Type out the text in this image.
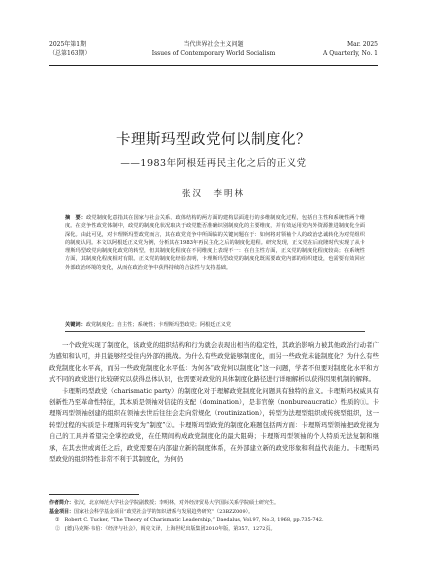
2025年第1期
（总第163期）
当代世界社会主义问题
Issues of Contemporary World Socialism
Mar. 2025
A Quarterly, No. 1
卡理斯玛型政党何以制度化？
——1983年阿根廷再民主化之后的正义党
张汉　李明林
摘　要：政党制度化意指其在国家与社会关系、政体结构的两方面的建构层面进行的多维制度化过程，包括自主性和系统性两个维度。在竞争性政党体制中，政党的制度化状况取决于政党能否准确识别制度化的主要维度，并有效运用党内外资源推进制度化全面深化。由此可见，对卡理斯玛型政党而言，其在政党竞争中所面临的关键问题在于：如何将对领袖个人的政治忠诚转化为对党组织的制度认同。本文以阿根廷正义党为例，分析其在1983年再民主化之后的制度化进程。研究发现，正义党在后庇隆时代实现了从卡理斯玛型政党向制度化政党的转型，但其制度化程度在不同维度上表现不一：在自主性方面，正义党的制度化程度较高；在系统性方面，其制度化程度相对有限。正义党的制度化经验表明，卡理斯玛型政党的制度化既需要政党内部的组织建设，也需要有效回应外部政治环境的变化，从而在政治竞争中获得持续的合法性与支持基础。
关键词：政党制度化；自主性；系统性；卡理斯玛型政党；阿根廷正义党

一个政党实现了制度化，该政党的组织结构和行为就会表现出相当的稳定性，其政治影响力被其他政治行动者广为感知和认可，并且能够经受住内外部的挑战。为什么有些政党能够制度化，而另一些政党未能制度化？为什么有些政党制度化水平高，而另一些政党制度化水平低：为何各“政党何以制度化”这一问题，学者不但要对制度化水平和方式不同的政党进行比较研究以获得总体认识，也需要对政党的具体制度化路径进行详细解析以获得因果机制的解释。

卡理斯玛型政党（charismatic party）的制度化对于理解政党制度化问题具有独特的意义。卡理斯玛权威具有创新性乃至革命性特征，其本质是领袖对信徒的支配（domination），是非官僚（nonbureaucratic）性质的①。卡理斯玛型领袖创建的组织在领袖去世后往往会走向常规化（routinization），转型为法理型组织或传统型组织，这一转型过程的实质是卡理斯玛转变为“制度”②。卡理斯玛型政党的制度化难题包括两方面：卡理斯玛型领袖把政党视为自己的工具并希望完全掌控政党，在任期间构成政党制度化的最大阻碍；卡理斯玛型领袖的个人特质无法复制和继承，在其去世或离任之后，政党需要在内部建立新的制度体系，在外部建立新的政党形象和利益代表能力。卡理斯玛型政党的组织特性非常不利于其制度化，为何仍

作者简介：张汉，北京师范大学社会学院副教授；李明林，对外经济贸易大学国际关系学院硕士研究生。
基金项目：国家社会科学基金项目“政党社会学的知识谱系与发展趋势研究”（23BZZ009）。
①　Robert C. Tucker, “The Theory of Charismatic Leadership,” Daedalus, Vol.97, No.3, 1968, pp.735-742.
②　[德]马克斯·韦伯：《经济与社会》，阎克文译，上海世纪出版集团2010年版，第357、1272页。
